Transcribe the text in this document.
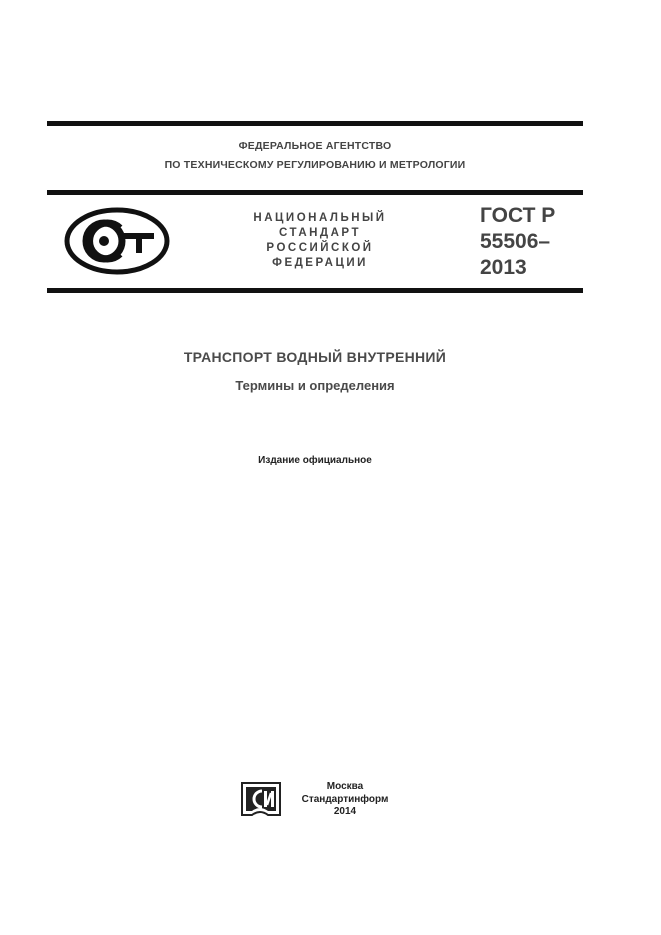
ФЕДЕРАЛЬНОЕ АГЕНТСТВО
ПО ТЕХНИЧЕСКОМУ РЕГУЛИРОВАНИЮ И МЕТРОЛОГИИ
НАЦИОНАЛЬНЫЙ
СТАНДАРТ
РОССИЙСКОЙ
ФЕДЕРАЦИИ
ГОСТ Р
55506–
2013
ТРАНСПОРТ ВОДНЫЙ ВНУТРЕННИЙ
Термины и определения
Издание официальное
Москва
Стандартинформ
2014
